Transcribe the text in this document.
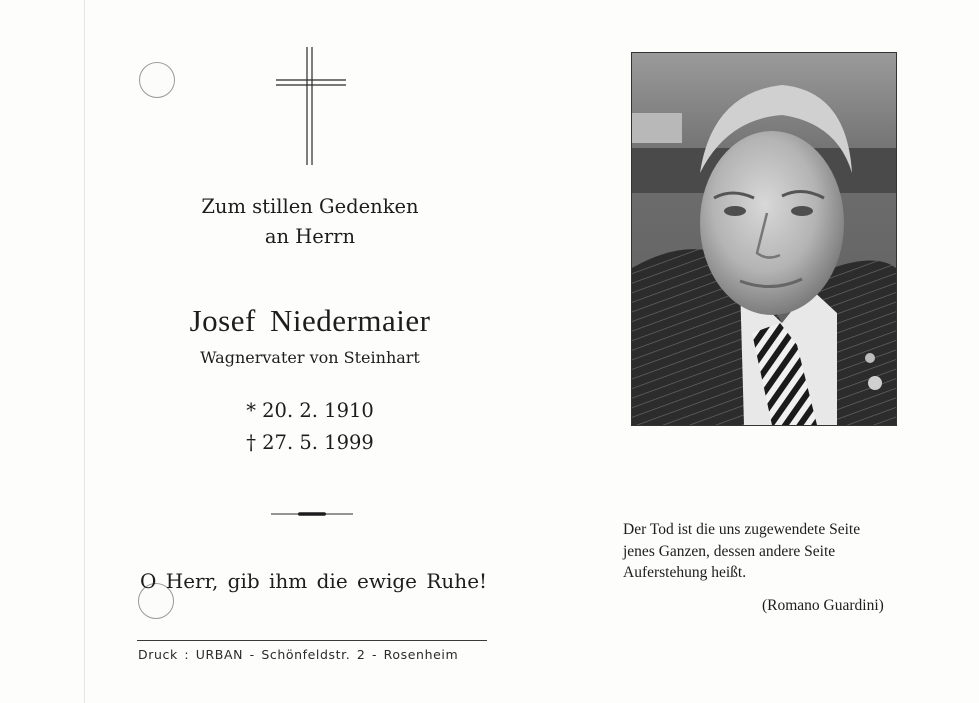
Zum stillen Gedenken
an Herrn
Josef Niedermaier
Wagnervater von Steinhart
* 20. 2. 1910
† 27. 5. 1999
O Herr, gib ihm die ewige Ruhe!
Druck : URBAN - Schönfeldstr. 2 - Rosenheim
Der Tod ist die uns zugewendete Seite
jenes Ganzen, dessen andere Seite
Auferstehung heißt.
(Romano Guardini)
